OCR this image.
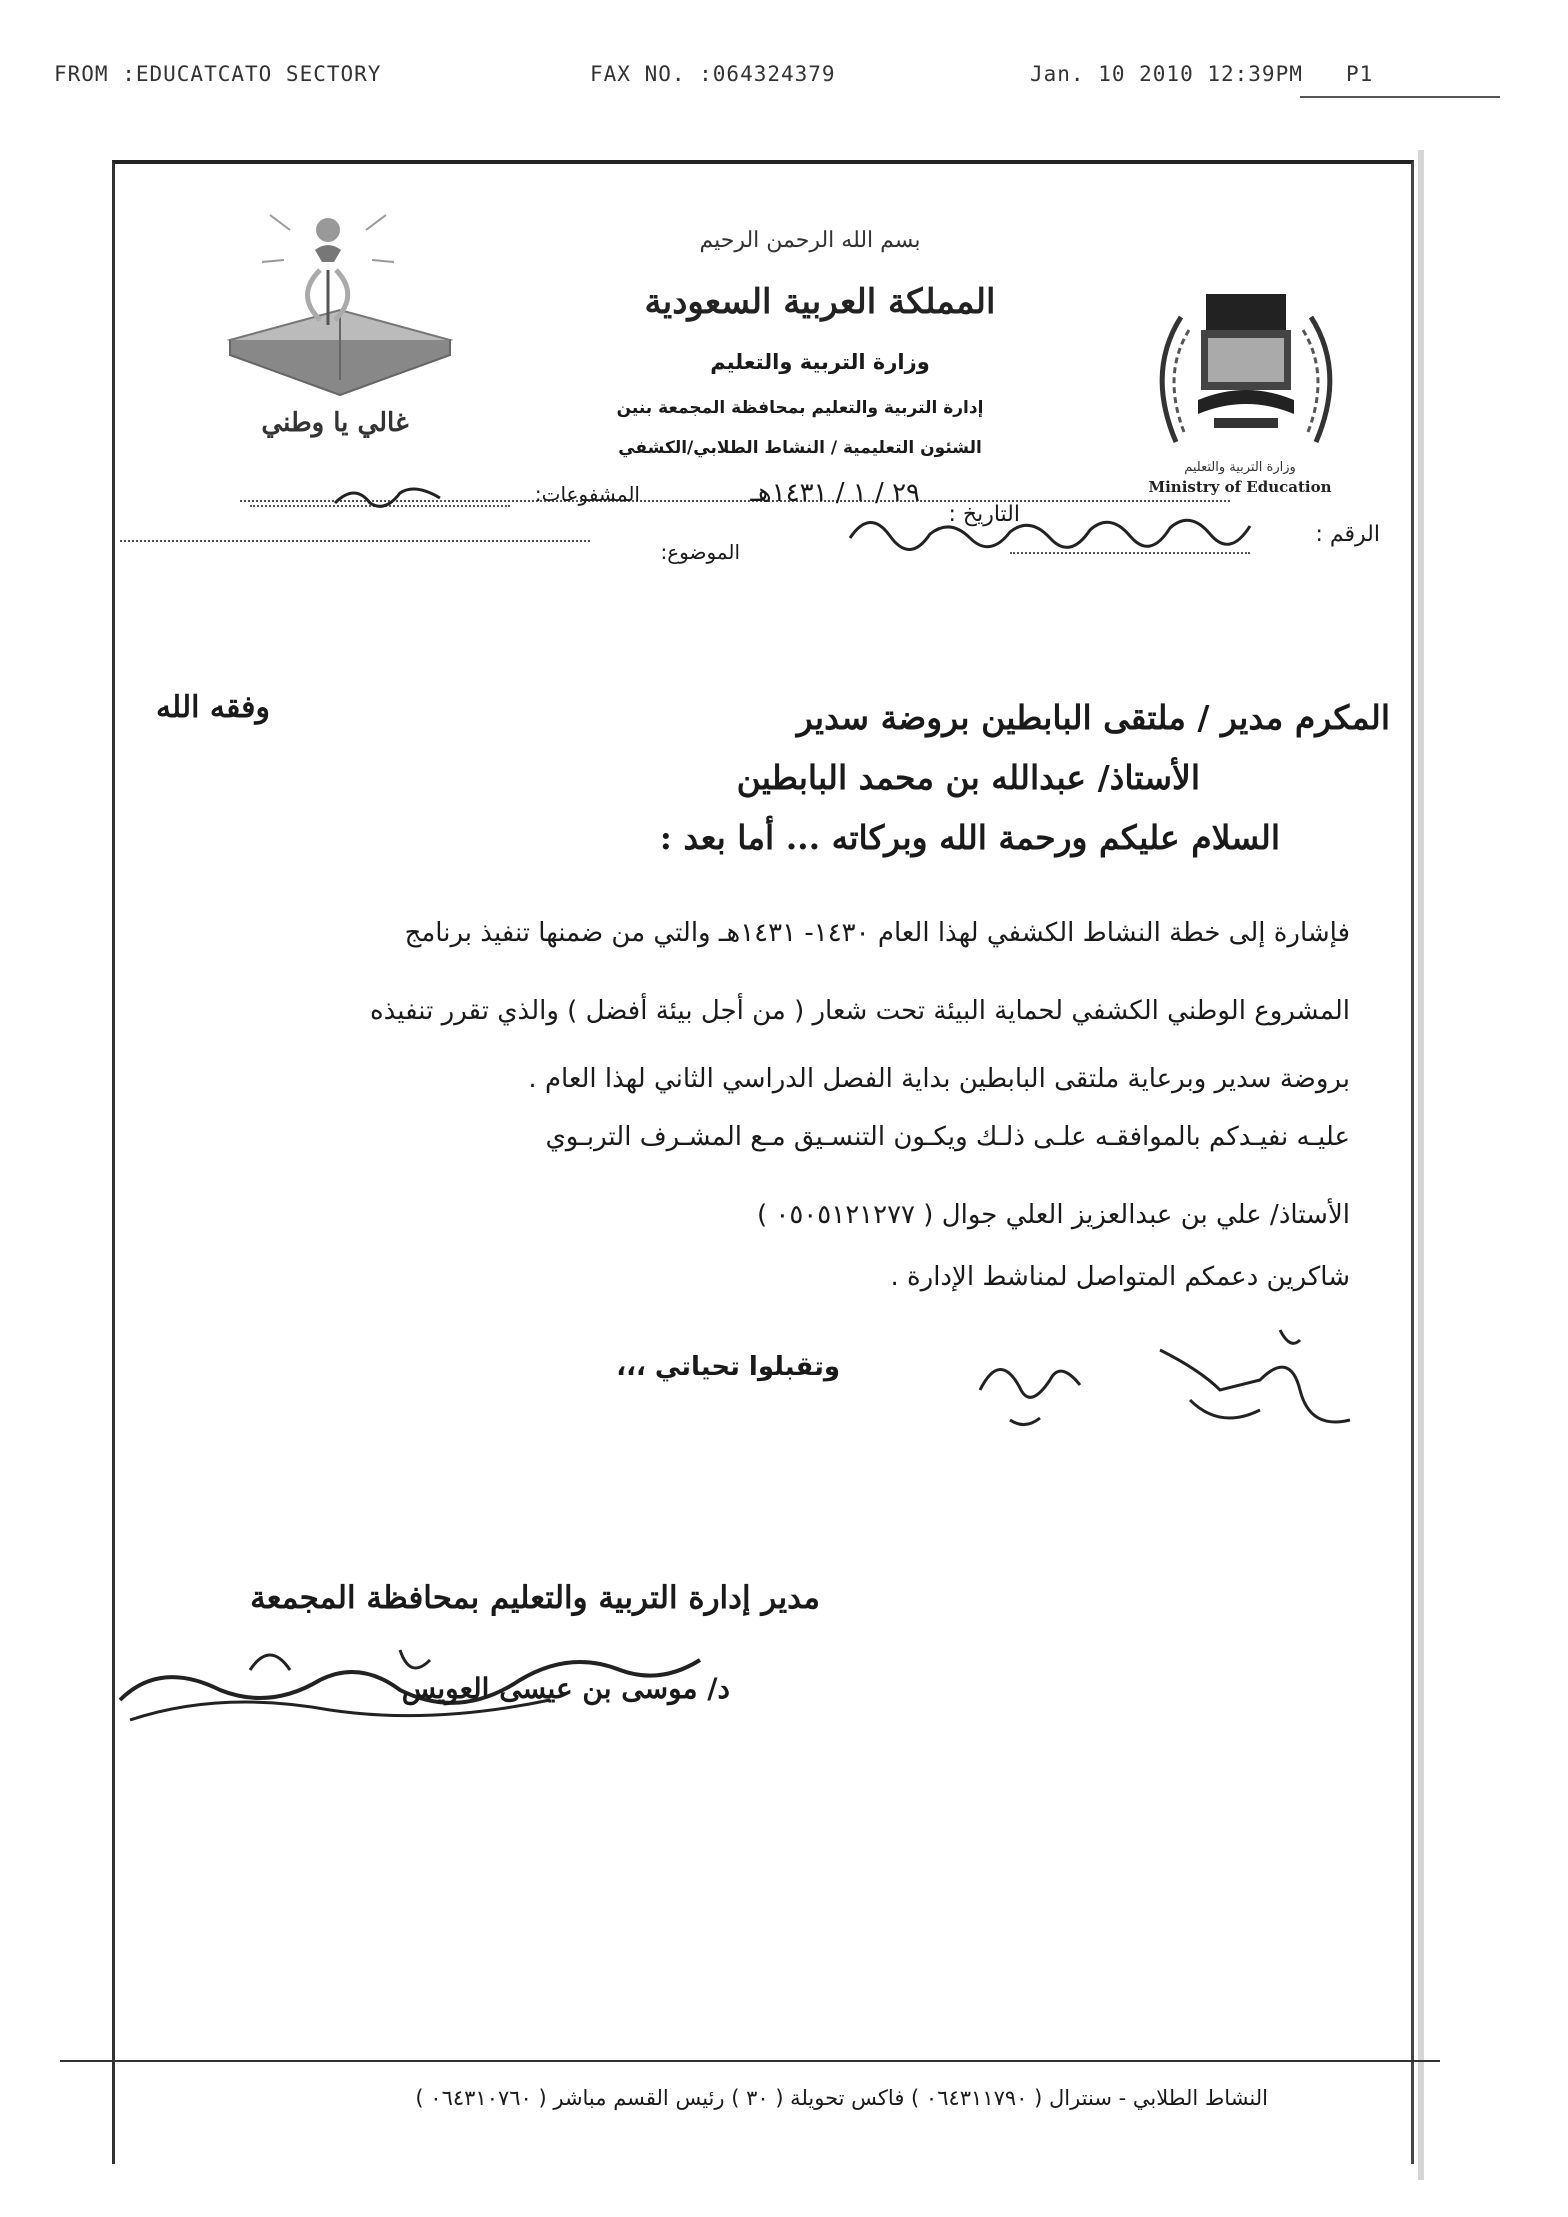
FROM :EDUCATCATO SECTORY	FAX NO. :064324379	Jan. 10 2010 12:39PM P1
بسم الله الرحمن الرحيم
المملكة العربية السعودية
وزارة التربية والتعليم
إدارة التربية والتعليم بمحافظة المجمعة بنين
الشئون التعليمية / النشاط الطلابي/الكشفي
وزارة التربية والتعليم
Ministry of Education
غالي يا وطني
الرقم :
التاريخ :
٢٩ / ١ / ١٤٣١هـ
المشفوعات:
الموضوع:
المكرم مدير / ملتقى البابطين بروضة سدير
وفقه الله
الأستاذ/ عبدالله بن محمد البابطين
السلام عليكم ورحمة الله وبركاته ... أما بعد :
فإشارة إلى خطة النشاط الكشفي لهذا العام ١٤٣٠- ١٤٣١هـ والتي من ضمنها تنفيذ برنامج
المشروع الوطني الكشفي لحماية البيئة تحت شعار ( من أجل بيئة أفضل ) والذي تقرر تنفيذه
بروضة سدير وبرعاية ملتقى البابطين بداية الفصل الدراسي الثاني لهذا العام .
عليـه نفيـدكم بالموافقـه علـى ذلـك ويكـون التنسـيق مـع المشـرف التربـوي
الأستاذ/ علي بن عبدالعزيز العلي جوال ( ٠٥٠٥١٢١٢٧٧ )
شاكرين دعمكم المتواصل لمناشط الإدارة .
وتقبلوا تحياتي ،،،
مدير إدارة التربية والتعليم بمحافظة المجمعة
د/ موسى بن عيسى العويس
النشاط الطلابي - سنترال ( ٠٦٤٣١١٧٩٠ ) فاكس تحويلة ( ٣٠ ) رئيس القسم مباشر ( ٠٦٤٣١٠٧٦٠ )
